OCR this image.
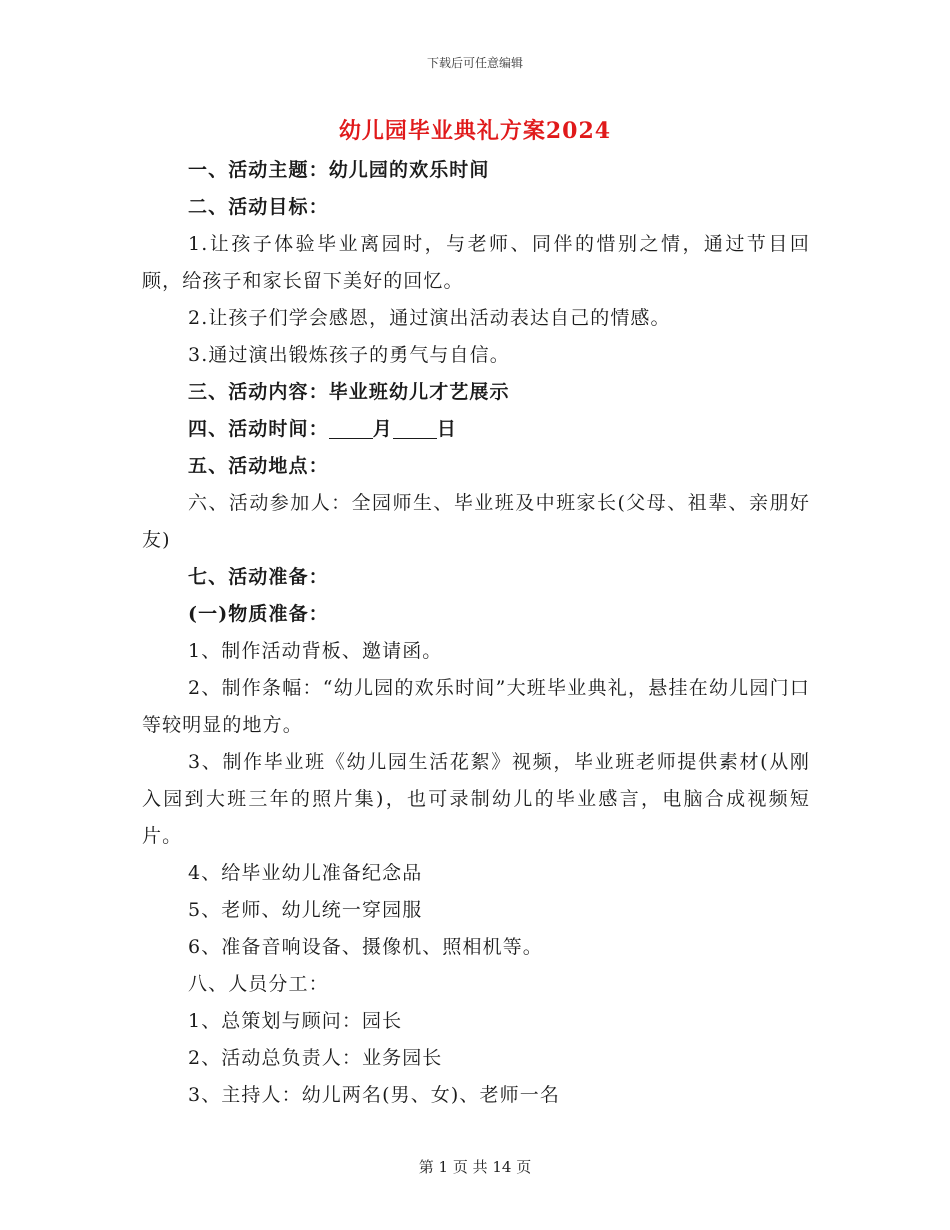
下载后可任意编辑
幼儿园毕业典礼方案2024
一、活动主题：幼儿园的欢乐时间
二、活动目标：
1.让孩子体验毕业离园时，与老师、同伴的惜别之情，通过节目回顾，给孩子和家长留下美好的回忆。
2.让孩子们学会感恩，通过演出活动表达自己的情感。
3.通过演出锻炼孩子的勇气与自信。
三、活动内容：毕业班幼儿才艺展示
四、活动时间： 月 日
五、活动地点：
六、活动参加人：全园师生、毕业班及中班家长(父母、祖辈、亲朋好友)
七、活动准备：
(一)物质准备：
1、制作活动背板、邀请函。
2、制作条幅：“幼儿园的欢乐时间”大班毕业典礼，悬挂在幼儿园门口等较明显的地方。
3、制作毕业班《幼儿园生活花絮》视频，毕业班老师提供素材(从刚入园到大班三年的照片集)，也可录制幼儿的毕业感言，电脑合成视频短片。
4、给毕业幼儿准备纪念品
5、老师、幼儿统一穿园服
6、准备音响设备、摄像机、照相机等。
八、人员分工：
1、总策划与顾问：园长
2、活动总负责人：业务园长
3、主持人：幼儿两名(男、女)、老师一名
第 1 页 共 14 页
